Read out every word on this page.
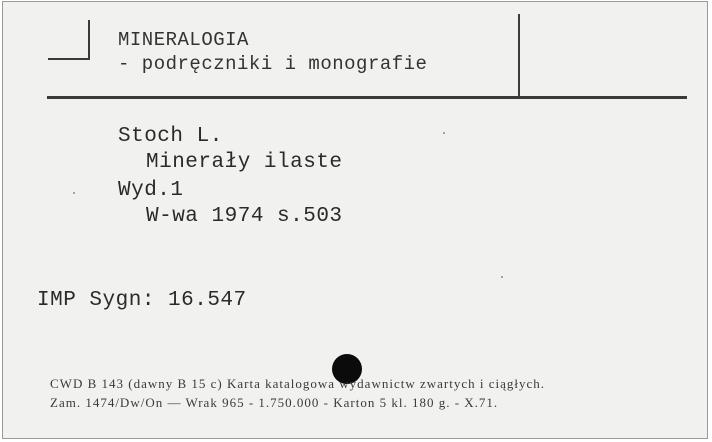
MINERALOGIA
- podręczniki i monografie
Stoch L.
Minerały ilaste
Wyd.1
W-wa 1974 s.503
IMP Sygn: 16.547
CWD B 143 (dawny B 15 c) Karta katalogowa wydawnictw zwartych i ciągłych.
Zam. 1474/Dw/On — Wrak 965 - 1.750.000 - Karton 5 kl. 180 g. - X.71.
